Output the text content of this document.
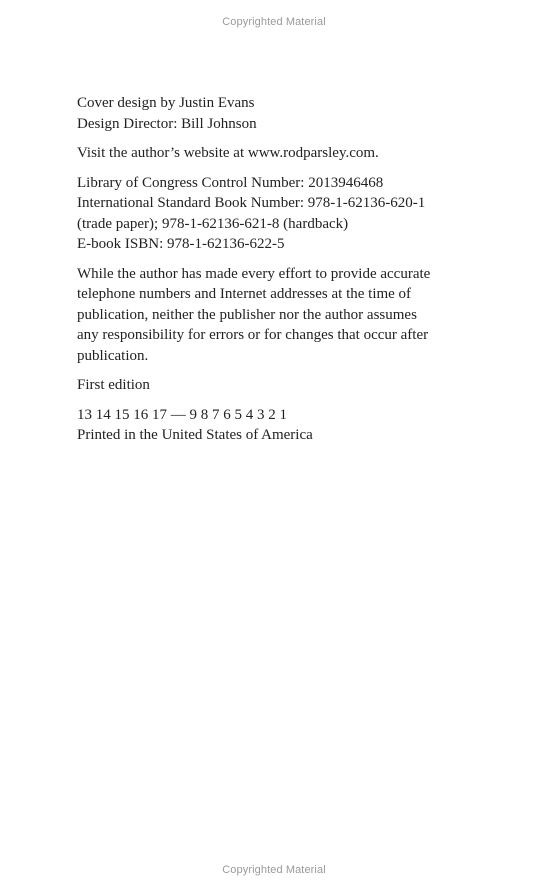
Copyrighted Material
Cover design by Justin Evans
Design Director: Bill Johnson
Visit the author’s website at www.rodparsley.com.
Library of Congress Control Number: 2013946468
International Standard Book Number: 978-1-62136-620-1
(trade paper); 978-1-62136-621-8 (hardback)
E-book ISBN: 978-1-62136-622-5
While the author has made every effort to provide accurate
telephone numbers and Internet addresses at the time of
publication, neither the publisher nor the author assumes
any responsibility for errors or for changes that occur after
publication.
First edition
13 14 15 16 17 — 9 8 7 6 5 4 3 2 1
Printed in the United States of America
Copyrighted Material
